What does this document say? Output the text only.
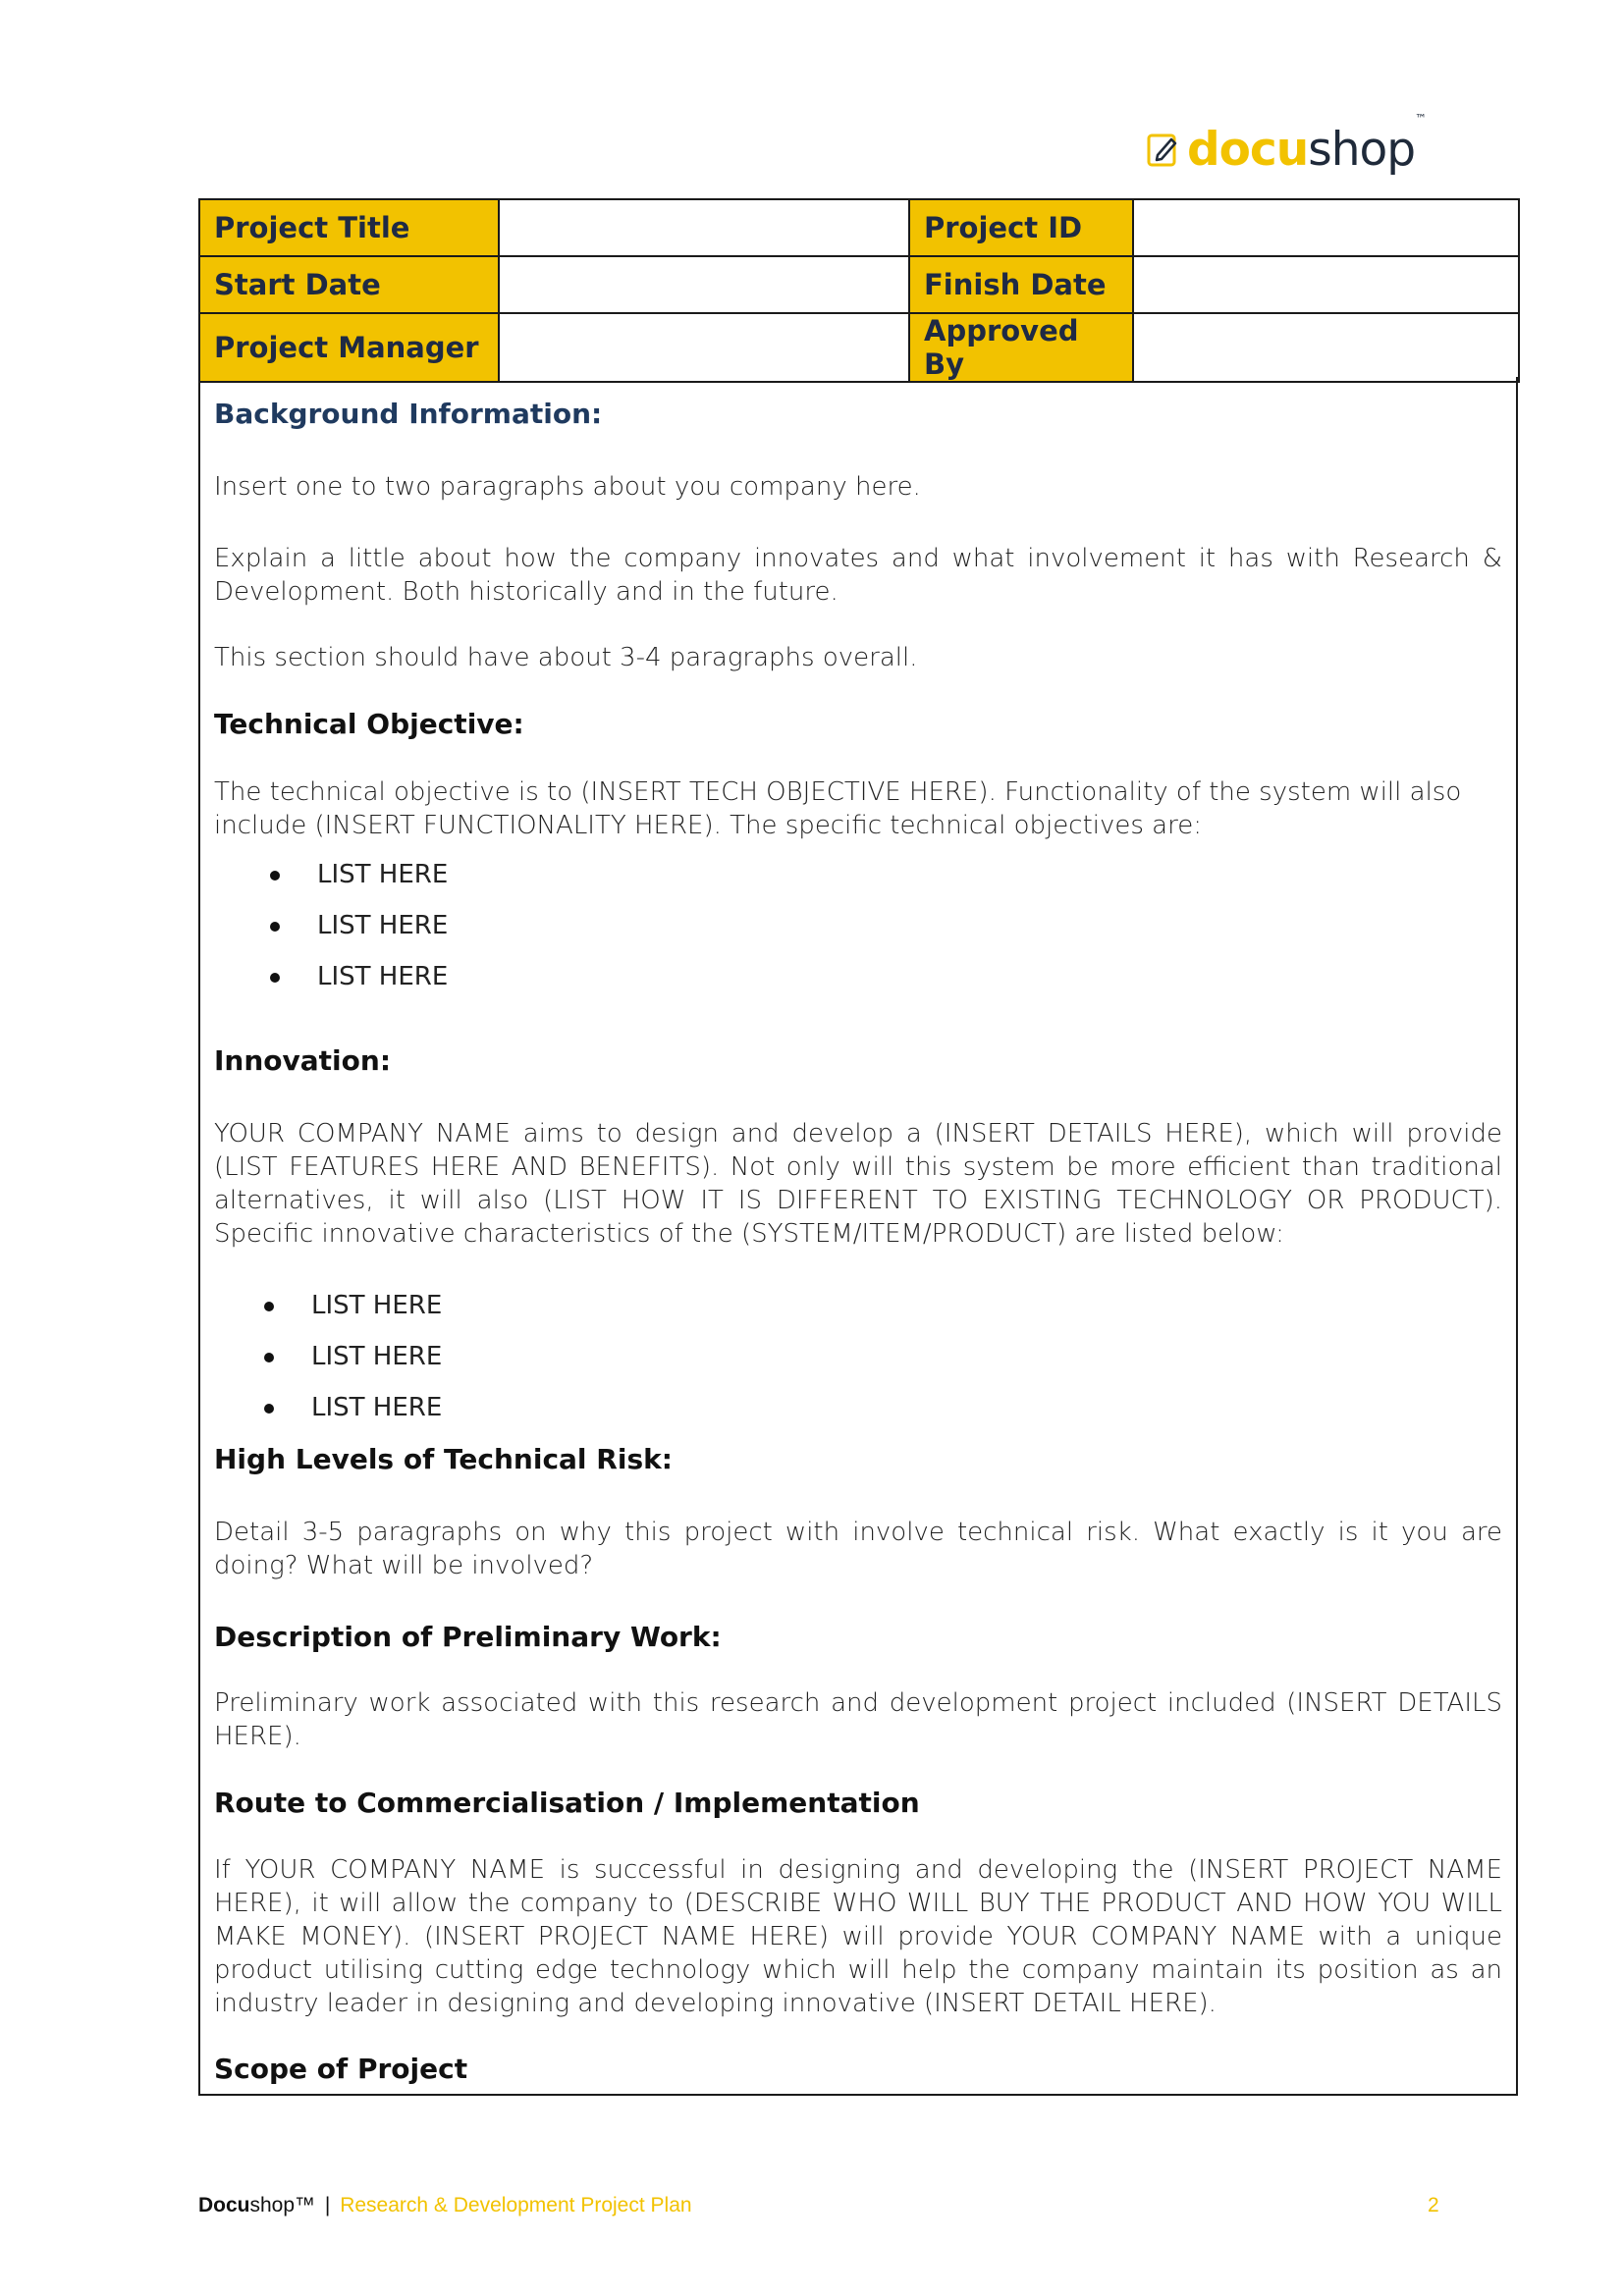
docushop™
Project Title		Project ID	
Start Date		Finish Date	
Project Manager		Approved By	
Background Information:
Insert one to two paragraphs about you company here.
Explain a little about how the company innovates and what involvement it has with Research & Development. Both historically and in the future.
This section should have about 3-4 paragraphs overall.
Technical Objective:
The technical objective is to (INSERT TECH OBJECTIVE HERE). Functionality of the system will also include (INSERT FUNCTIONALITY HERE). The specific technical objectives are:
LIST HERE
LIST HERE
LIST HERE
Innovation:
YOUR COMPANY NAME aims to design and develop a (INSERT DETAILS HERE), which will provide (LIST FEATURES HERE AND BENEFITS). Not only will this system be more efficient than traditional alternatives, it will also (LIST HOW IT IS DIFFERENT TO EXISTING TECHNOLOGY OR PRODUCT). Specific innovative characteristics of the (SYSTEM/ITEM/PRODUCT) are listed below:
LIST HERE
LIST HERE
LIST HERE
High Levels of Technical Risk:
Detail 3-5 paragraphs on why this project with involve technical risk. What exactly is it you are doing? What will be involved?
Description of Preliminary Work:
Preliminary work associated with this research and development project included (INSERT DETAILS HERE).
Route to Commercialisation / Implementation
If YOUR COMPANY NAME is successful in designing and developing the (INSERT PROJECT NAME HERE), it will allow the company to (DESCRIBE WHO WILL BUY THE PRODUCT AND HOW YOU WILL MAKE MONEY). (INSERT PROJECT NAME HERE) will provide YOUR COMPANY NAME with a unique product utilising cutting edge technology which will help the company maintain its position as an industry leader in designing and developing innovative (INSERT DETAIL HERE).
Scope of Project
Docushop™ | Research & Development Project Plan	2
